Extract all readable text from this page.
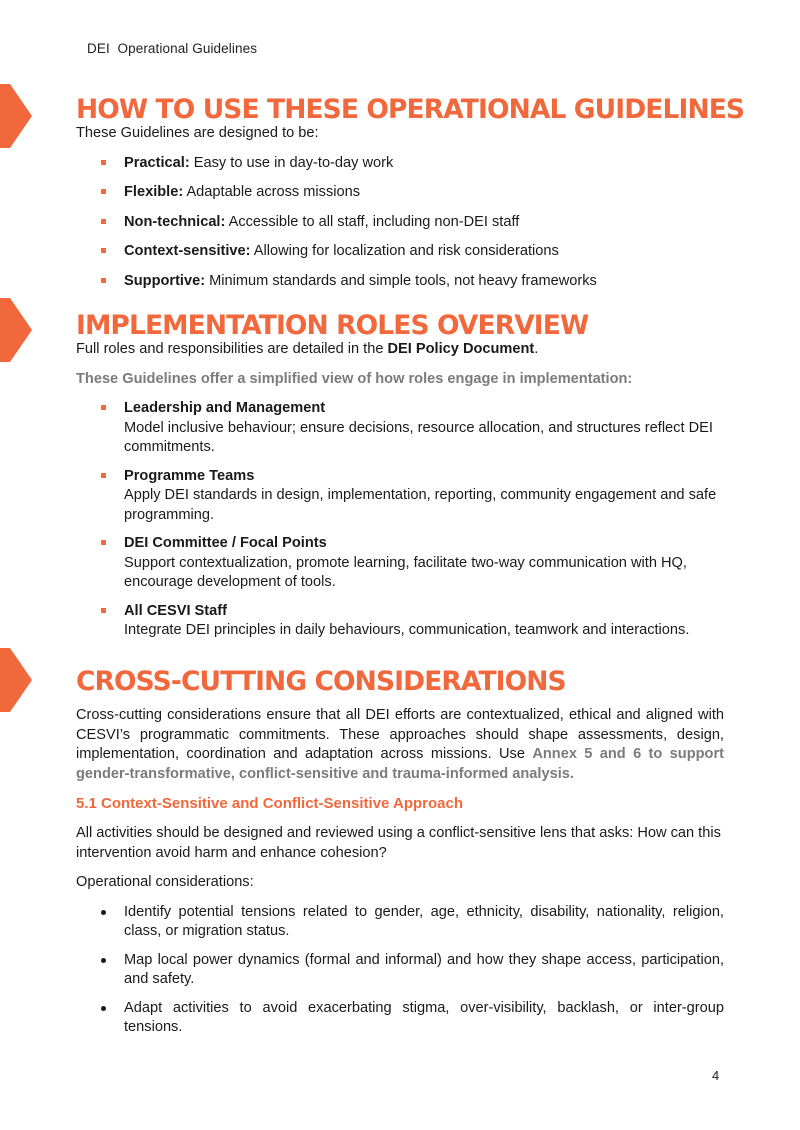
DEI  Operational Guidelines
HOW TO USE THESE OPERATIONAL GUIDELINES

These Guidelines are designed to be:

Practical: Easy to use in day-to-day work
Flexible: Adaptable across missions
Non-technical: Accessible to all staff, including non-DEI staff
Context-sensitive: Allowing for localization and risk considerations
Supportive: Minimum standards and simple tools, not heavy frameworks
IMPLEMENTATION ROLES OVERVIEW

Full roles and responsibilities are detailed in the DEI Policy Document.

These Guidelines offer a simplified view of how roles engage in implementation:

Leadership and Management
Model inclusive behaviour; ensure decisions, resource allocation, and structures reflect DEI commitments.
Programme Teams
Apply DEI standards in design, implementation, reporting, community engagement and safe programming.
DEI Committee / Focal Points
Support contextualization, promote learning, facilitate two-way communication with HQ, encourage development of tools.
All CESVI Staff
Integrate DEI principles in daily behaviours, communication, teamwork and interactions.
CROSS-CUTTING CONSIDERATIONS

Cross-cutting considerations ensure that all DEI efforts are contextualized, ethical and aligned with CESVI’s programmatic commitments. These approaches should shape assessments, design, implementation, coordination and adaptation across missions. Use Annex 5 and 6 to support gender-transformative, conflict-sensitive and trauma-informed analysis.

5.1 Context-Sensitive and Conflict-Sensitive Approach

All activities should be designed and reviewed using a conflict-sensitive lens that asks: How can this intervention avoid harm and enhance cohesion?

Operational considerations:

Identify potential tensions related to gender, age, ethnicity, disability, nationality, religion, class, or migration status.
Map local power dynamics (formal and informal) and how they shape access, participation, and safety.
Adapt activities to avoid exacerbating stigma, over-visibility, backlash, or inter-group tensions.
4
